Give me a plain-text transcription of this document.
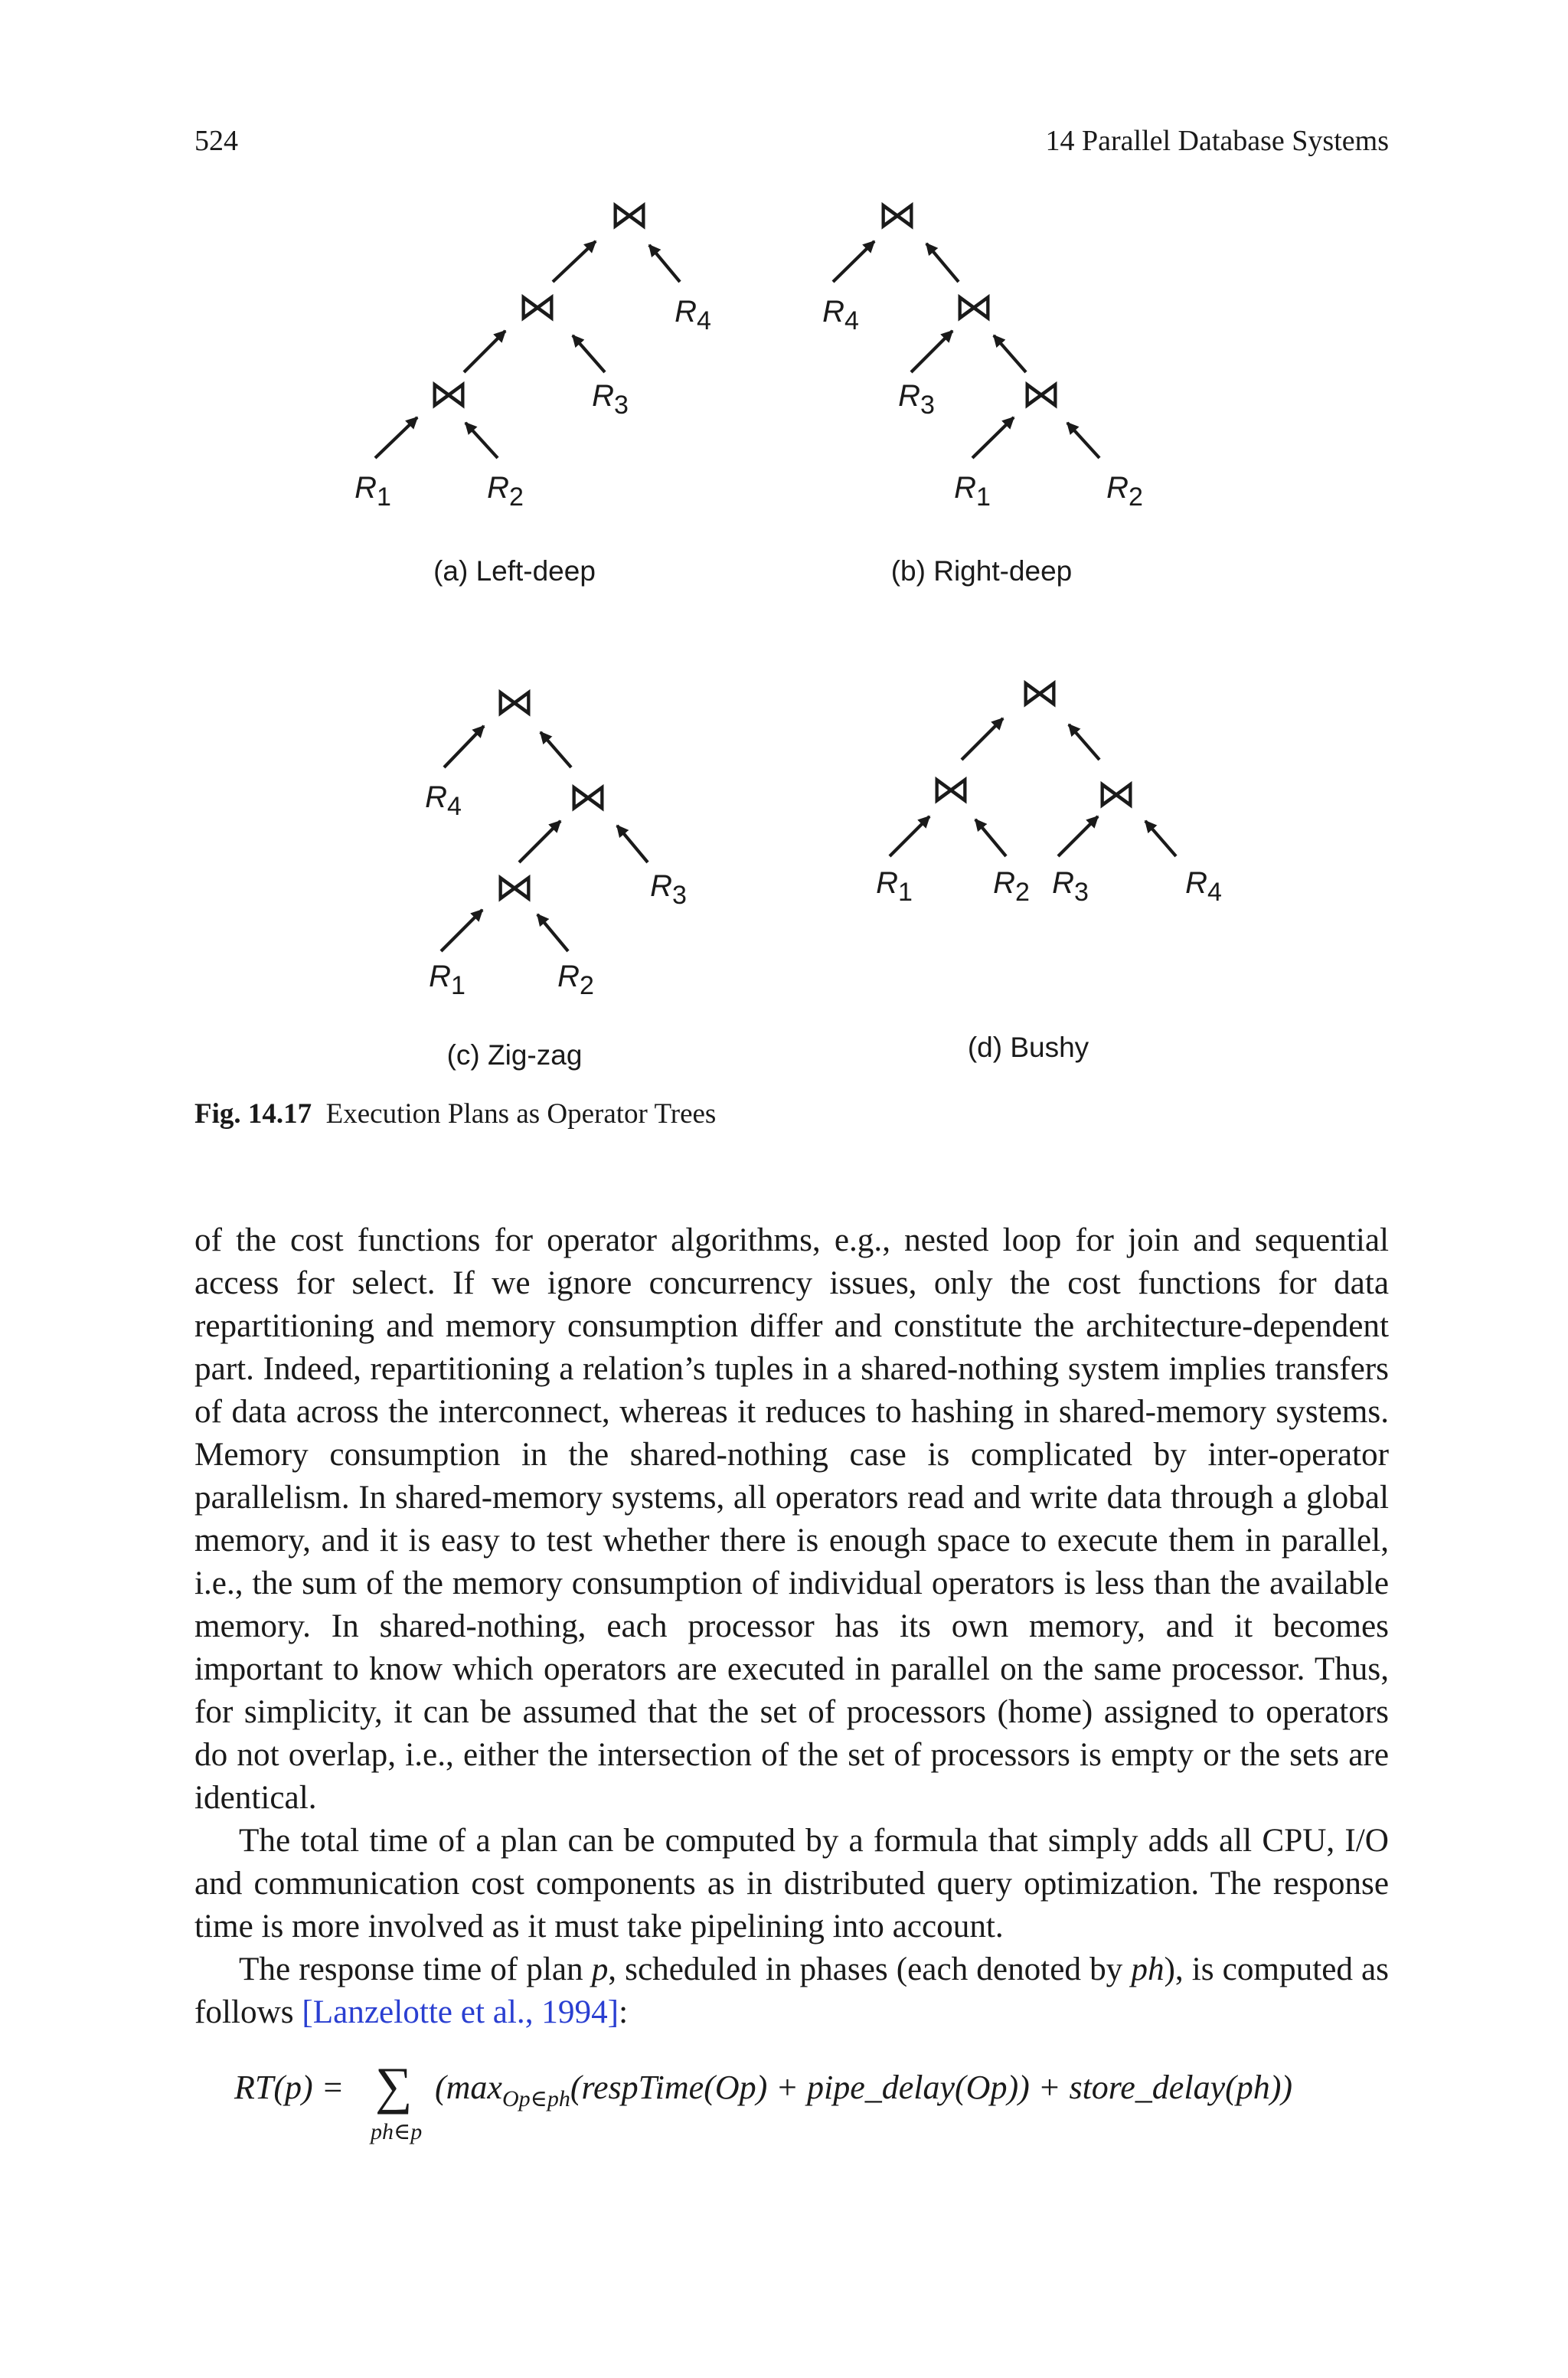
524	14 Parallel Database Systems
⋈
⋈
⋈
$R_1$	$R_2$
$R_3$
$R_4$
(a) Left-deep
⋈
⋈
⋈
$R_4$
$R_3$
$R_1$	$R_2$
(b) Right-deep
⋈
⋈
⋈
$R_4$
$R_3$
$R_1$	$R_2$
(c) Zig-zag
⋈
⋈	⋈
$R_1$	$R_2$ $R_3$	$R_4$
(d) Bushy
Fig. 14.17 Execution Plans as Operator Trees

of the cost functions for operator algorithms, e.g., nested loop for join and sequential access for select. If we ignore concurrency issues, only the cost functions for data repartitioning and memory consumption differ and constitute the architecture-dependent part. Indeed, repartitioning a relation’s tuples in a shared-nothing system implies transfers of data across the interconnect, whereas it reduces to hashing in shared-memory systems. Memory consumption in the shared-nothing case is complicated by inter-operator parallelism. In shared-memory systems, all operators read and write data through a global memory, and it is easy to test whether there is enough space to execute them in parallel, i.e., the sum of the memory consumption of individual operators is less than the available memory. In shared-nothing, each processor has its own memory, and it becomes important to know which operators are executed in parallel on the same processor. Thus, for simplicity, it can be assumed that the set of processors (home) assigned to operators do not overlap, i.e., either the intersection of the set of processors is empty or the sets are identical.

The total time of a plan can be computed by a formula that simply adds all CPU, I/O and communication cost components as in distributed query optimization. The response time is more involved as it must take pipelining into account.

The response time of plan p, scheduled in phases (each denoted by ph), is computed as follows [Lanzelotte et al., 1994]:

RT(p) = ∑
ph∈p
($\max_{Op\in ph}(respTime(Op)$ + pipe_delay(Op)) + store_delay(ph))
